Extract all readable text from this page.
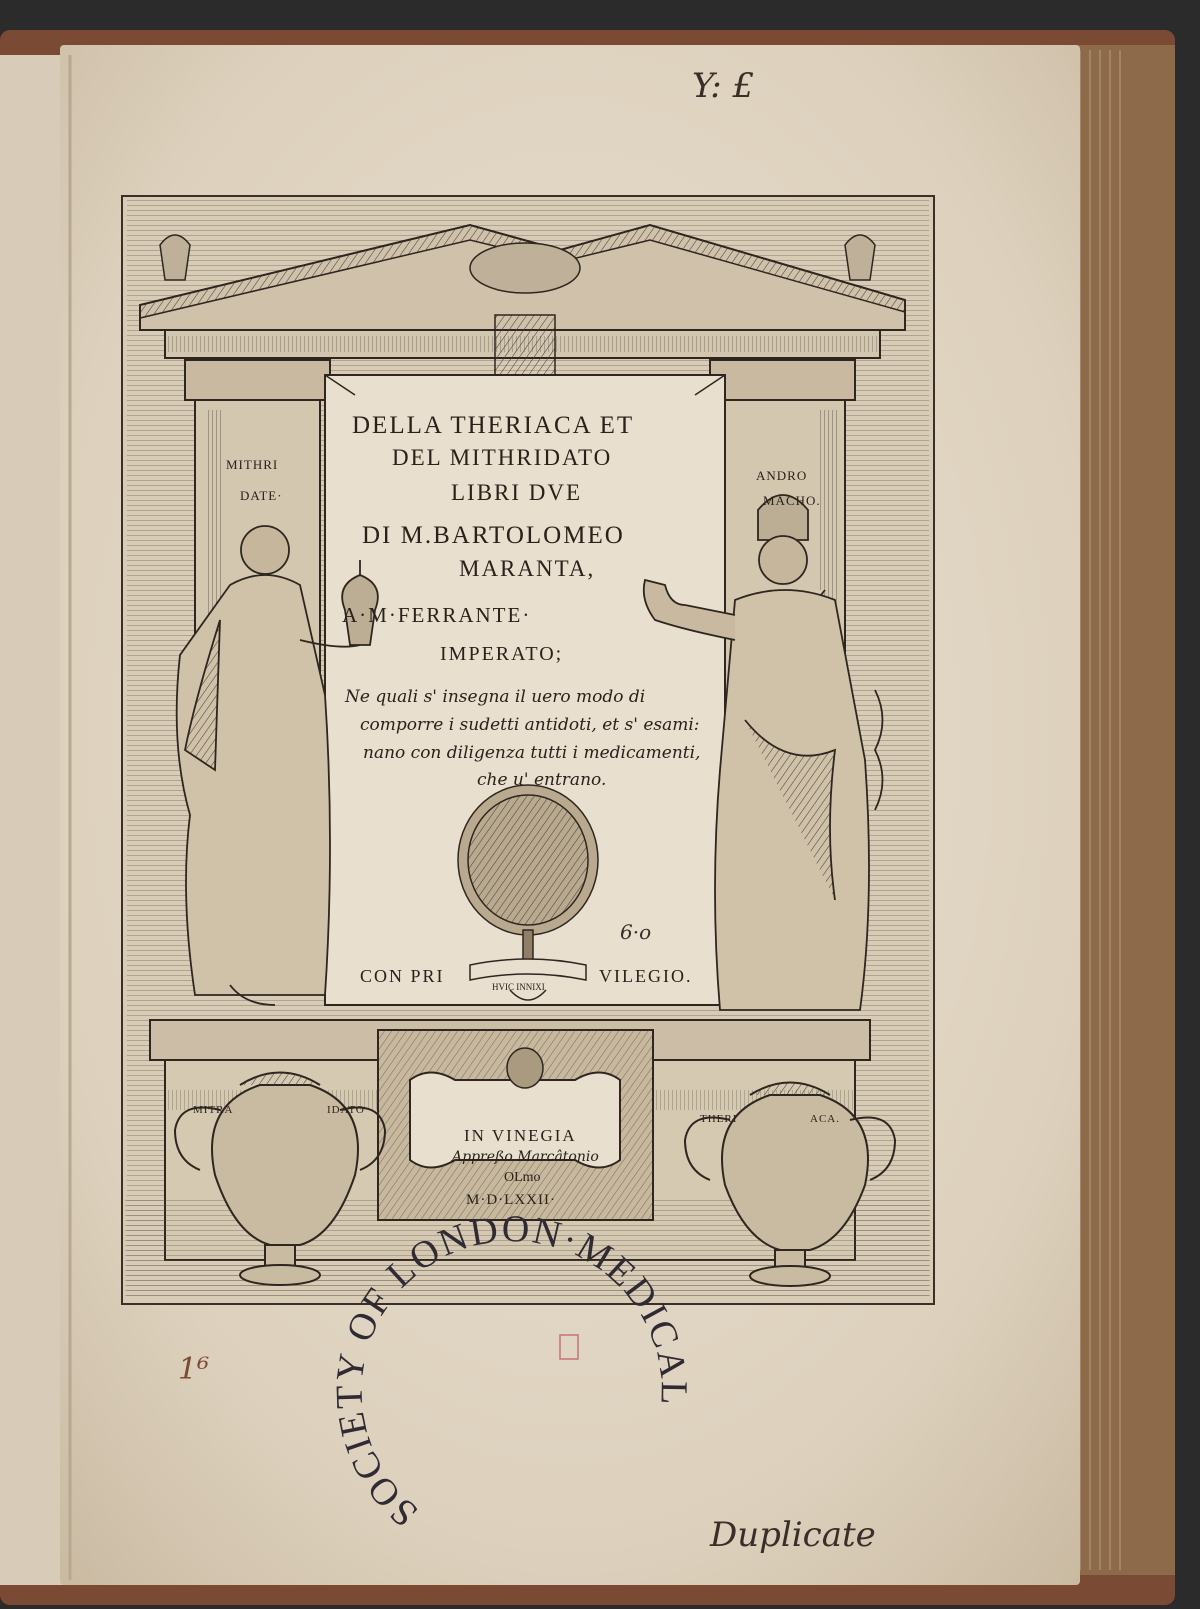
DELLA THERIACA ET
DEL MITHRIDATO
LIBRI DVE
DI M.BARTOLOMEO
MARANTA,
A·M·FERRANTE·
IMPERATO;
Ne quali s' insegna il uero modo di
comporre i sudetti antidoti, et s' esami:
nano con diligenza tutti i medicamenti,
che u' entrano.
CON PRI	VILEGIO.
HVIC INNIXI
MITHRI
DATE·
ANDRO
MACHO.
MITRA	IDATO
THERI	ACA.
IN VINEGIA
Appreßo Marcâtonio
OLmo
M·D·LXXII·
SOCIETY OF LONDON·MEDICAL
Y: £
6·o
1⁶
Duplicate
